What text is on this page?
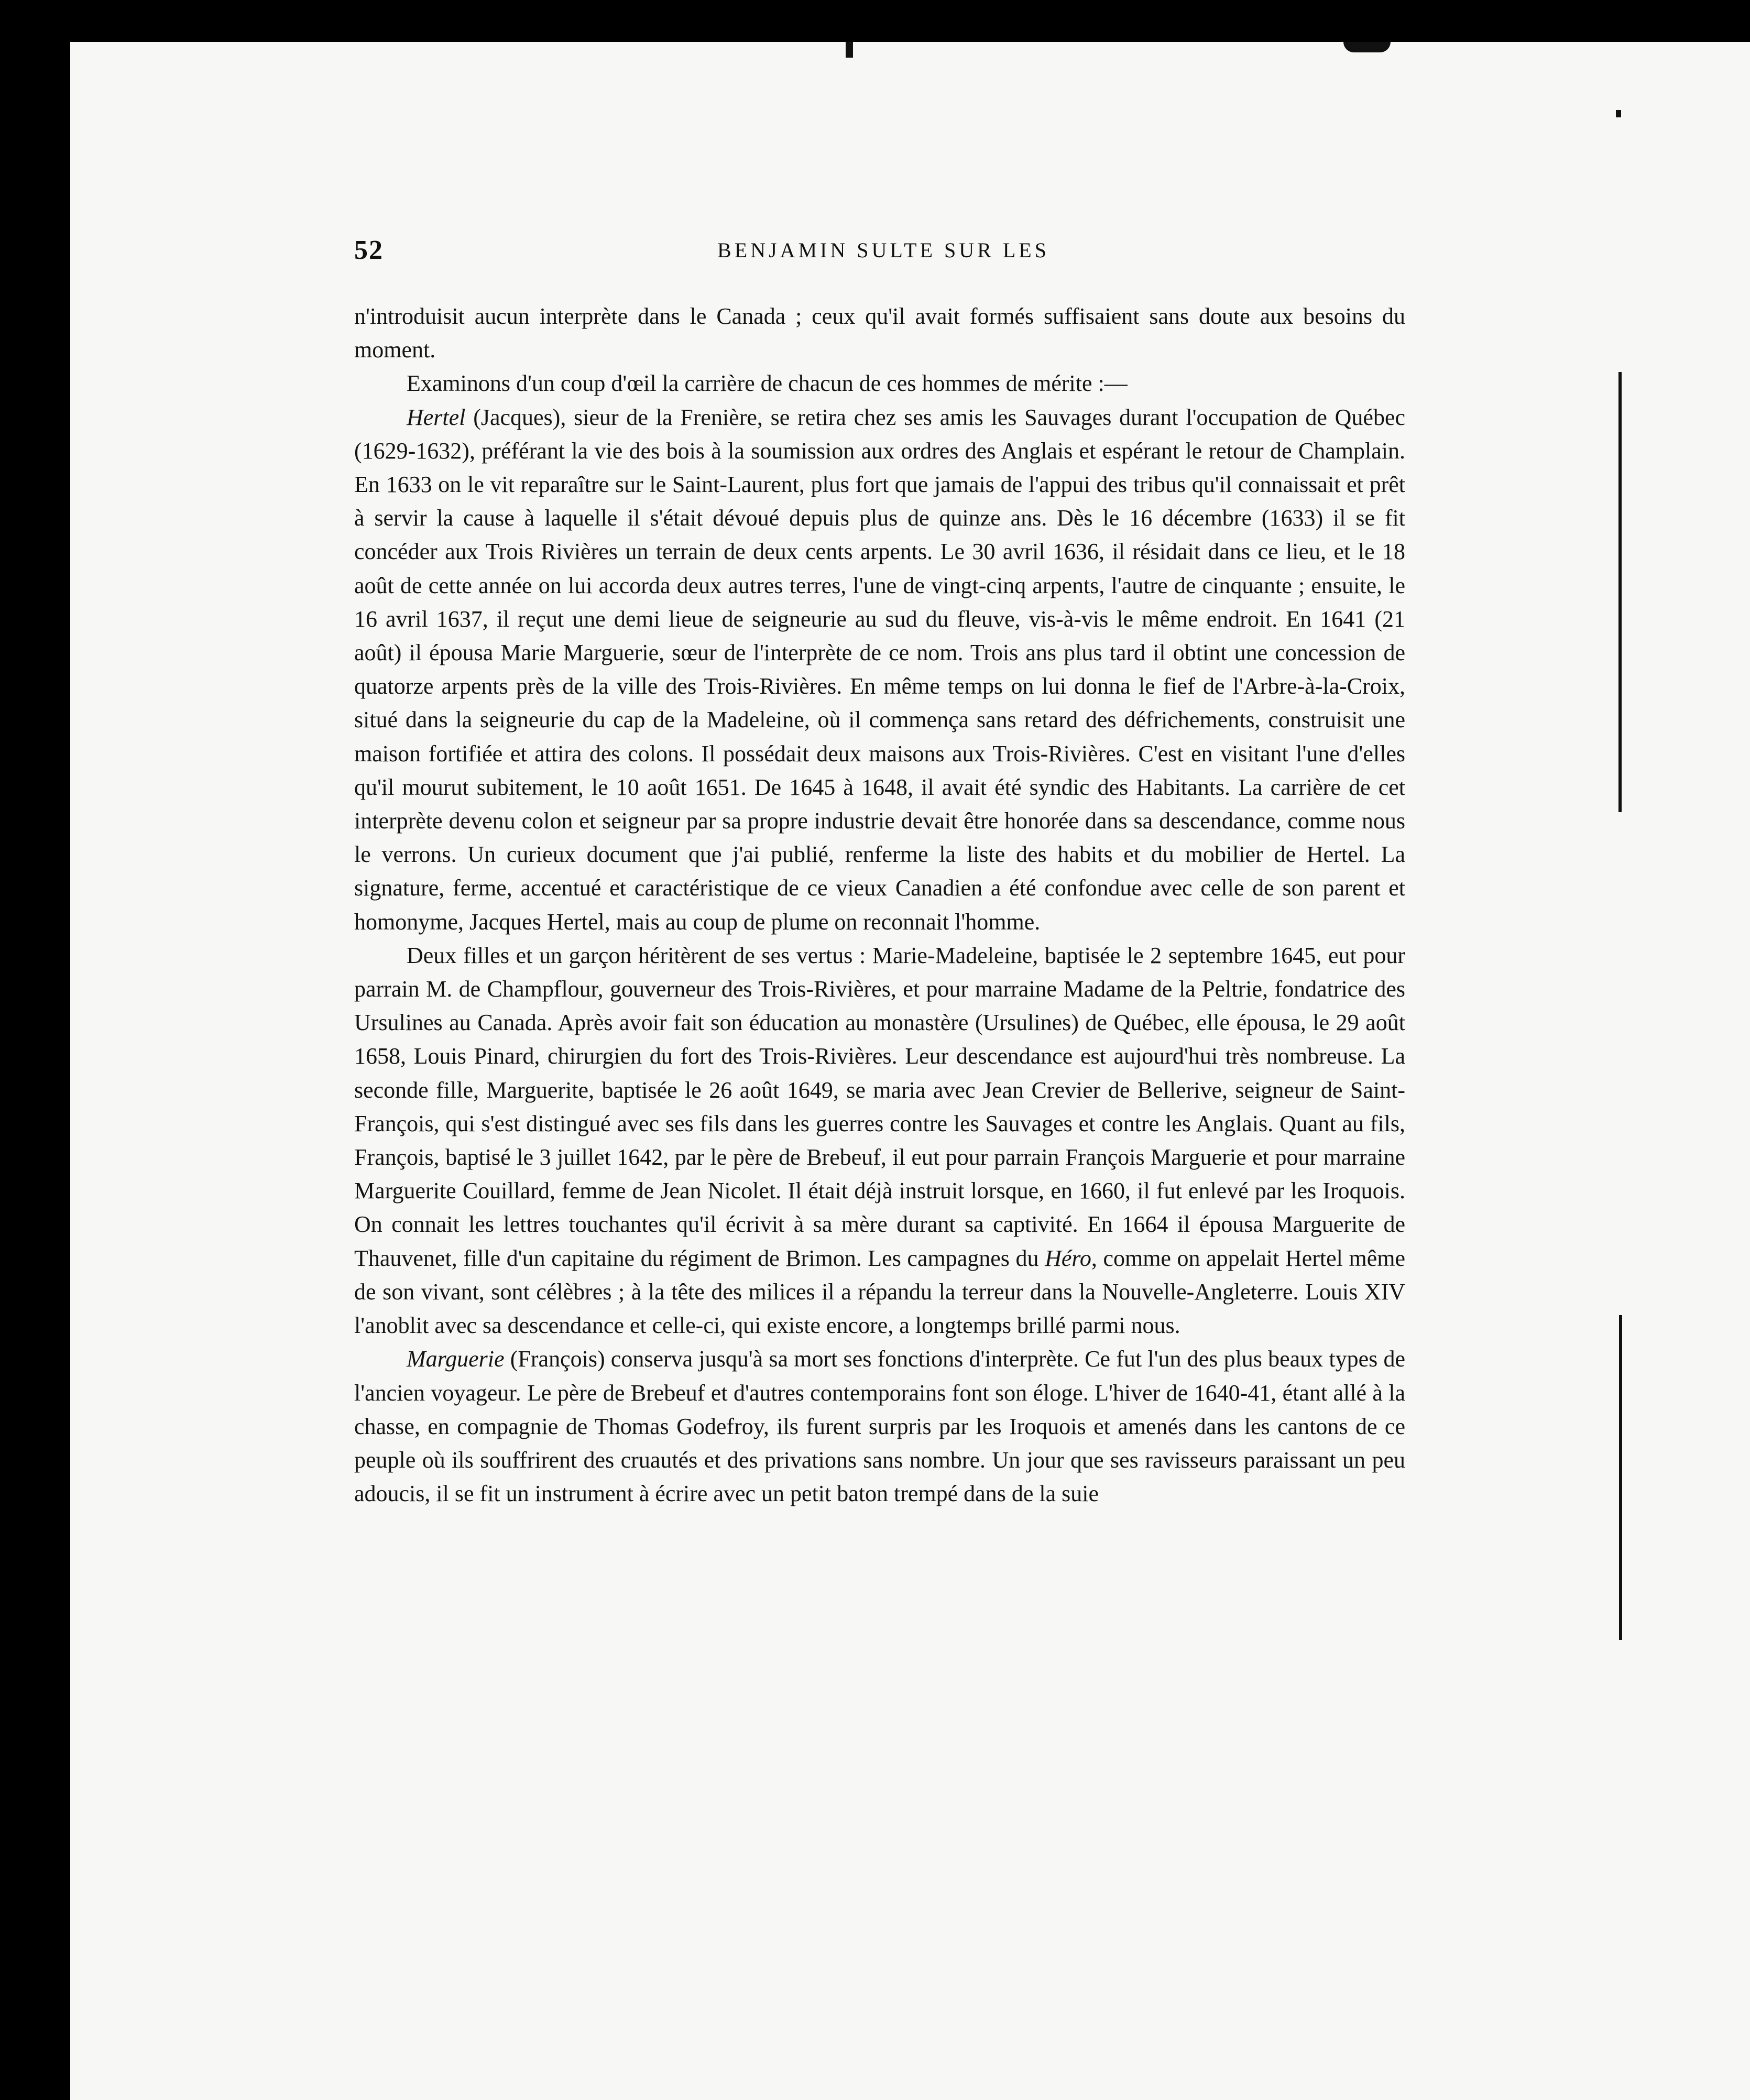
52	BENJAMIN SULTE SUR LES

n'introduisit aucun interprète dans le Canada ; ceux qu'il avait formés suffisaient sans doute aux besoins du moment.

Examinons d'un coup d'œil la carrière de chacun de ces hommes de mérite :—

Hertel (Jacques), sieur de la Frenière, se retira chez ses amis les Sauvages durant l'occupation de Québec (1629-1632), préférant la vie des bois à la soumission aux ordres des Anglais et espérant le retour de Champlain. En 1633 on le vit reparaître sur le Saint-Laurent, plus fort que jamais de l'appui des tribus qu'il connaissait et prêt à servir la cause à laquelle il s'était dévoué depuis plus de quinze ans. Dès le 16 décembre (1633) il se fit concéder aux Trois Rivières un terrain de deux cents arpents. Le 30 avril 1636, il résidait dans ce lieu, et le 18 août de cette année on lui accorda deux autres terres, l'une de vingt-cinq arpents, l'autre de cinquante ; ensuite, le 16 avril 1637, il reçut une demi lieue de seigneurie au sud du fleuve, vis-à-vis le même endroit. En 1641 (21 août) il épousa Marie Marguerie, sœur de l'interprète de ce nom. Trois ans plus tard il obtint une concession de quatorze arpents près de la ville des Trois-Rivières. En même temps on lui donna le fief de l'Arbre-à-la-Croix, situé dans la seigneurie du cap de la Madeleine, où il commença sans retard des défrichements, construisit une maison fortifiée et attira des colons. Il possédait deux maisons aux Trois-Rivières. C'est en visitant l'une d'elles qu'il mourut subitement, le 10 août 1651. De 1645 à 1648, il avait été syndic des Habitants. La carrière de cet interprète devenu colon et seigneur par sa propre industrie devait être honorée dans sa descendance, comme nous le verrons. Un curieux document que j'ai publié, renferme la liste des habits et du mobilier de Hertel. La signature, ferme, accentué et caractéristique de ce vieux Canadien a été confondue avec celle de son parent et homonyme, Jacques Hertel, mais au coup de plume on reconnait l'homme.

Deux filles et un garçon héritèrent de ses vertus : Marie-Madeleine, baptisée le 2 septembre 1645, eut pour parrain M. de Champflour, gouverneur des Trois-Rivières, et pour marraine Madame de la Peltrie, fondatrice des Ursulines au Canada. Après avoir fait son éducation au monastère (Ursulines) de Québec, elle épousa, le 29 août 1658, Louis Pinard, chirurgien du fort des Trois-Rivières. Leur descendance est aujourd'hui très nombreuse. La seconde fille, Marguerite, baptisée le 26 août 1649, se maria avec Jean Crevier de Bellerive, seigneur de Saint-François, qui s'est distingué avec ses fils dans les guerres contre les Sauvages et contre les Anglais. Quant au fils, François, baptisé le 3 juillet 1642, par le père de Brebeuf, il eut pour parrain François Marguerie et pour marraine Marguerite Couillard, femme de Jean Nicolet. Il était déjà instruit lorsque, en 1660, il fut enlevé par les Iroquois. On connait les lettres touchantes qu'il écrivit à sa mère durant sa captivité. En 1664 il épousa Marguerite de Thauvenet, fille d'un capitaine du régiment de Brimon. Les campagnes du Héro, comme on appelait Hertel même de son vivant, sont célèbres ; à la tête des milices il a répandu la terreur dans la Nouvelle-Angleterre. Louis XIV l'anoblit avec sa descendance et celle-ci, qui existe encore, a longtemps brillé parmi nous.

Marguerie (François) conserva jusqu'à sa mort ses fonctions d'interprète. Ce fut l'un des plus beaux types de l'ancien voyageur. Le père de Brebeuf et d'autres contemporains font son éloge. L'hiver de 1640-41, étant allé à la chasse, en compagnie de Thomas Godefroy, ils furent surpris par les Iroquois et amenés dans les cantons de ce peuple où ils souffrirent des cruautés et des privations sans nombre. Un jour que ses ravisseurs paraissant un peu adoucis, il se fit un instrument à écrire avec un petit baton trempé dans de la suie
